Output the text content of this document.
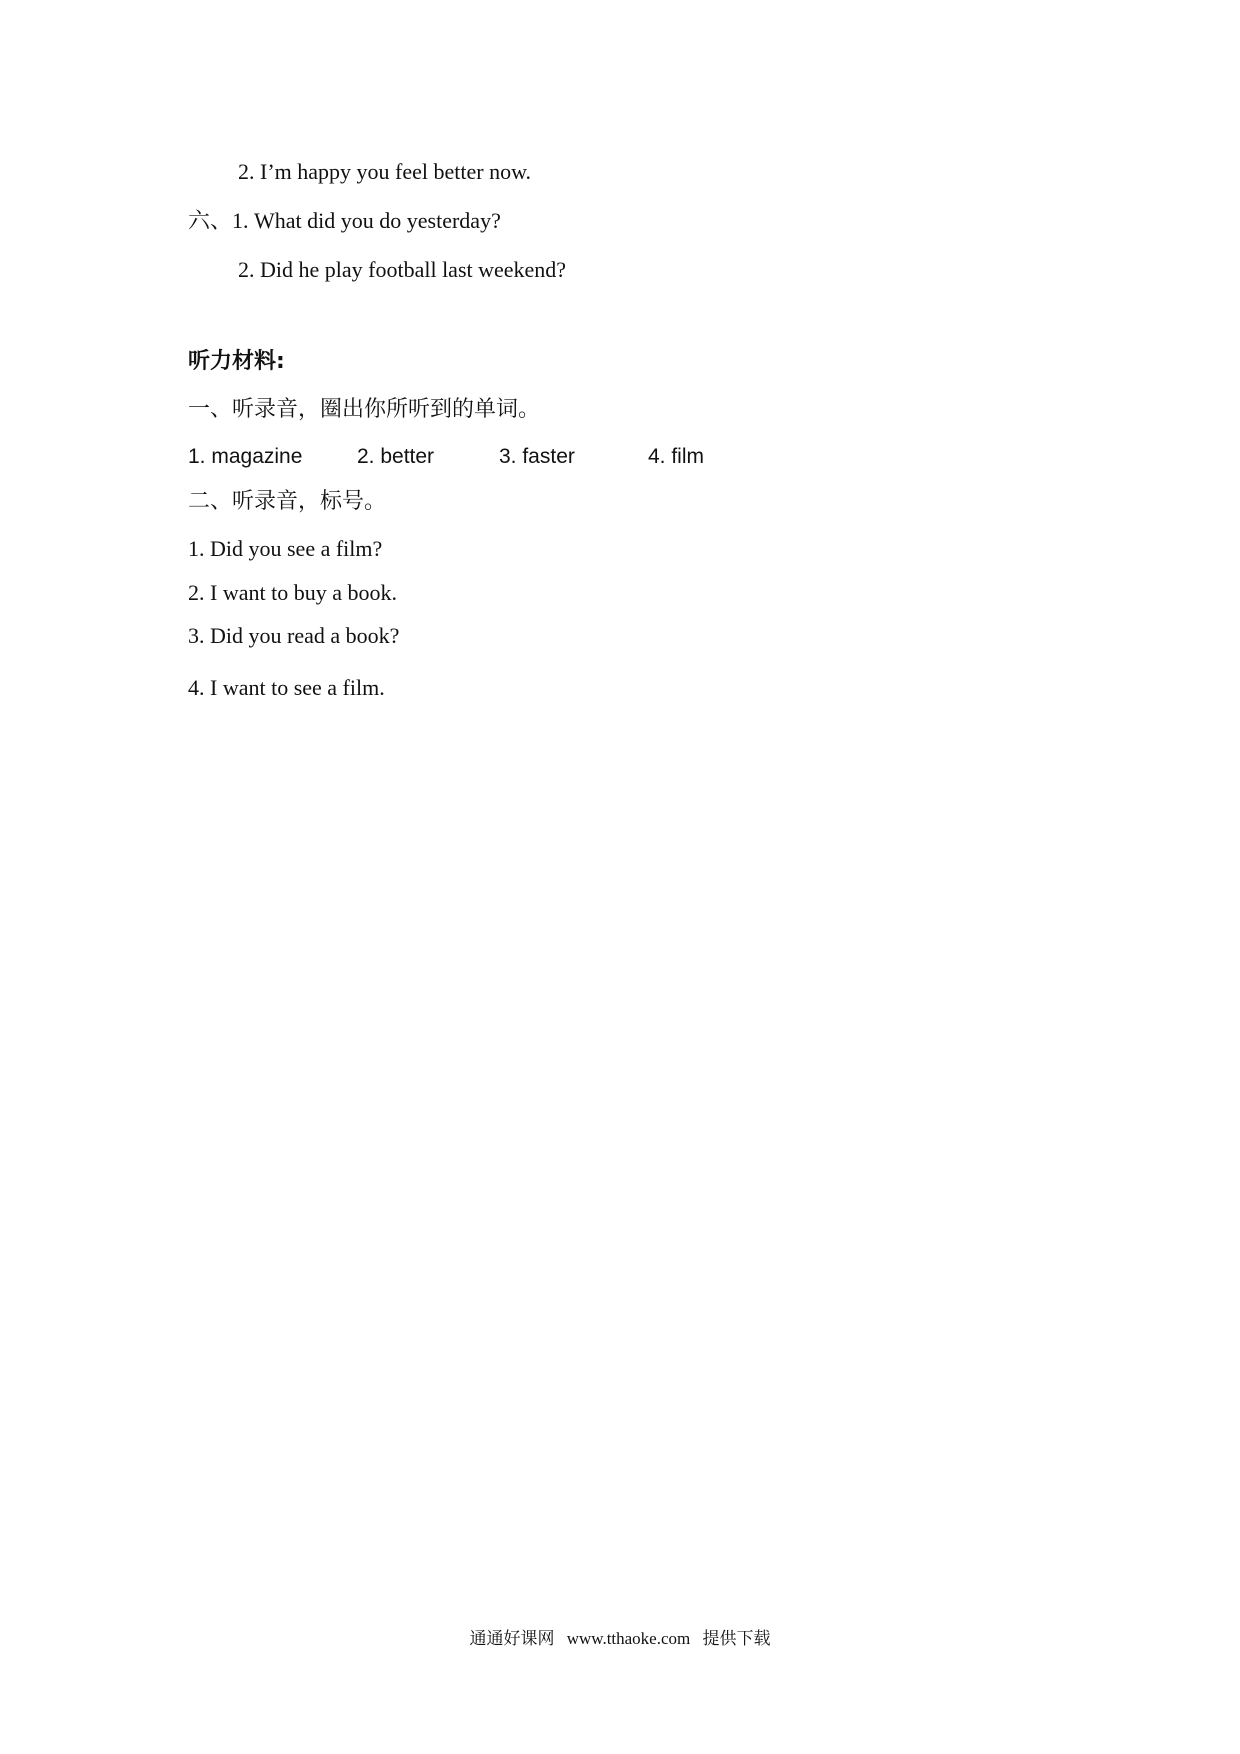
2. I’m happy you feel better now.
六、1. What did you do yesterday?
2. Did he play football last weekend?
听力材料:
一、听录音，圈出你所听到的单词。
1. magazine	2. better	3. faster	4. film
二、听录音，标号。
1. Did you see a film?
2. I want to buy a book.
3. Did you read a book?
4. I want to see a film.
通通好课网 www.tthaoke.com 提供下载
